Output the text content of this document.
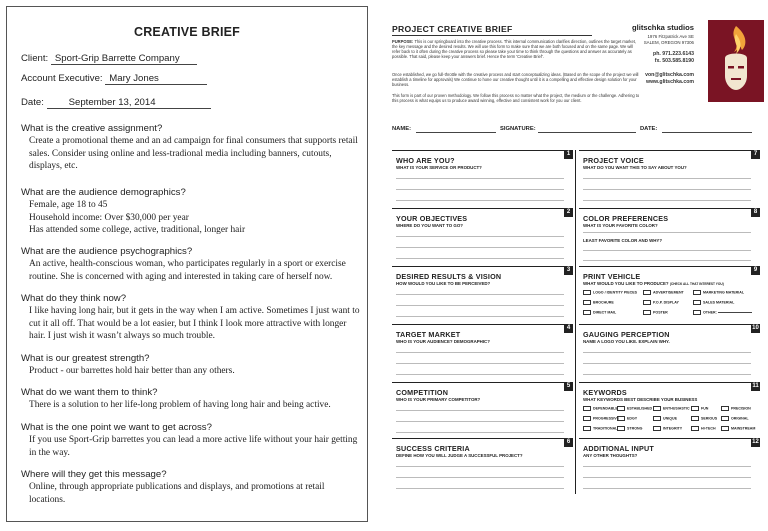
CREATIVE BRIEF
Client: Sport-Grip Barrette Company
Account Executive: Mary Jones
Date:	September 13, 2014
What is the creative assignment?
Create a promotional theme and an ad campaign for final consumers that supports retail sales. Consider using online and less-tradional media including banners, cutouts, displays, etc.
What are the audience demographics?
Female, age 18 to 45
Household income: Over $30,000 per year
Has attended some college, active, traditional, longer hair
What are the audience psychographics?
An active, health-conscious woman, who participates regularly in a sport or exercise routine. She is concerned with aging and interested in taking care of herself now.
What do they think now?
I like having long hair, but it gets in the way when I am active. Sometimes I just want to cut it all off. That would be a lot easier, but I think I look more attractive with longer hair. I just wish it wasn’t always so much trouble.
What is our greatest strength?
Product - our barrettes hold hair better than any others.
What do we want them to think?
There is a solution to her life-long problem of having long hair and being active.
What is the one point we want to get across?
If you use Sport-Grip barrettes you can lead a more active life without your hair getting in the way.
Where will they get this message?
Online, through appropriate publications and displays, and promotions at retail locations.
PROJECT CREATIVE BRIEF
PURPOSE: This is our springboard into the creative process. This internal communication clarifies direction, outlines the target market, the key message and the desired results. We will use this form to make sure that we are both focused and on the same page. We will refer back to it often during the creative process so please take your time to think through the questions and answer as accurately as possible. That said, please keep your answers brief. Hence the term 'Creative Brief'.
Once established, we go full-throttle with the creative process and start conceptualizing ideas. (Based on the scope of the project we will establish a timeline for approvals) We continue to hone our creative thought until it is a compelling and effective design solution for your business.
This form is part of our proven methodology. We follow this process no matter what the project, the medium or the challenge. Adhering to this process is what equips us to produce award winning, effective and consistent work for you our client.
glitschka studios
1976 Fitzpatrick Ave SE
SALEM, OREGON 97306
ph. 971.223.6143
fx. 503.585.8190
von@glitschka.com
www.glitschka.com
NAME:	SIGNATURE:	DATE:
1
WHO ARE YOU?
WHAT IS YOUR SERVICE OR PRODUCT?
7
PROJECT VOICE
WHAT DO YOU WANT THIS TO SAY ABOUT YOU?
2
YOUR OBJECTIVES
WHERE DO YOU WANT TO GO?
8
COLOR PREFERENCES
WHAT IS YOUR FAVORITE COLOR?
LEAST FAVORITE COLOR AND WHY?
3
DESIRED RESULTS & VISION
HOW WOULD YOU LIKE TO BE PERCEIVED?
9
PRINT VEHICLE
WHAT WOULD YOU LIKE TO PRODUCE? (CHECK ALL THAT INTEREST YOU)
LOGO / IDENTITY PIECES	ADVERTISEMENT	MARKETING MATERIAL
BROCHURE	P.O.P. DISPLAY	SALES MATERIAL
DIRECT MAIL	POSTER	OTHER:
4
TARGET MARKET
WHO IS YOUR AUDIENCE? DEMOGRAPHIC?
10
GAUGING PERCEPTION
NAME A LOGO YOU LIKE. EXPLAIN WHY.
5
COMPETITION
WHO IS YOUR PRIMARY COMPETITOR?
11
KEYWORDS
WHAT KEYWORDS BEST DESCRIBE YOUR BUSINESS
DEPENDABLE	ESTABLISHED	ENTHUSIASTIC	FUN	PRECISION
PROGRESSIVE	EDGY	UNIQUE	SERIOUS	ORIGINAL
TRADITIONAL	STRONG	INTEGRITY	HI-TECH	MAINSTREAM
6
SUCCESS CRITERIA
DEFINE HOW YOU WILL JUDGE A SUCCESSFUL PROJECT?
12
ADDITIONAL INPUT
ANY OTHER THOUGHTS?
